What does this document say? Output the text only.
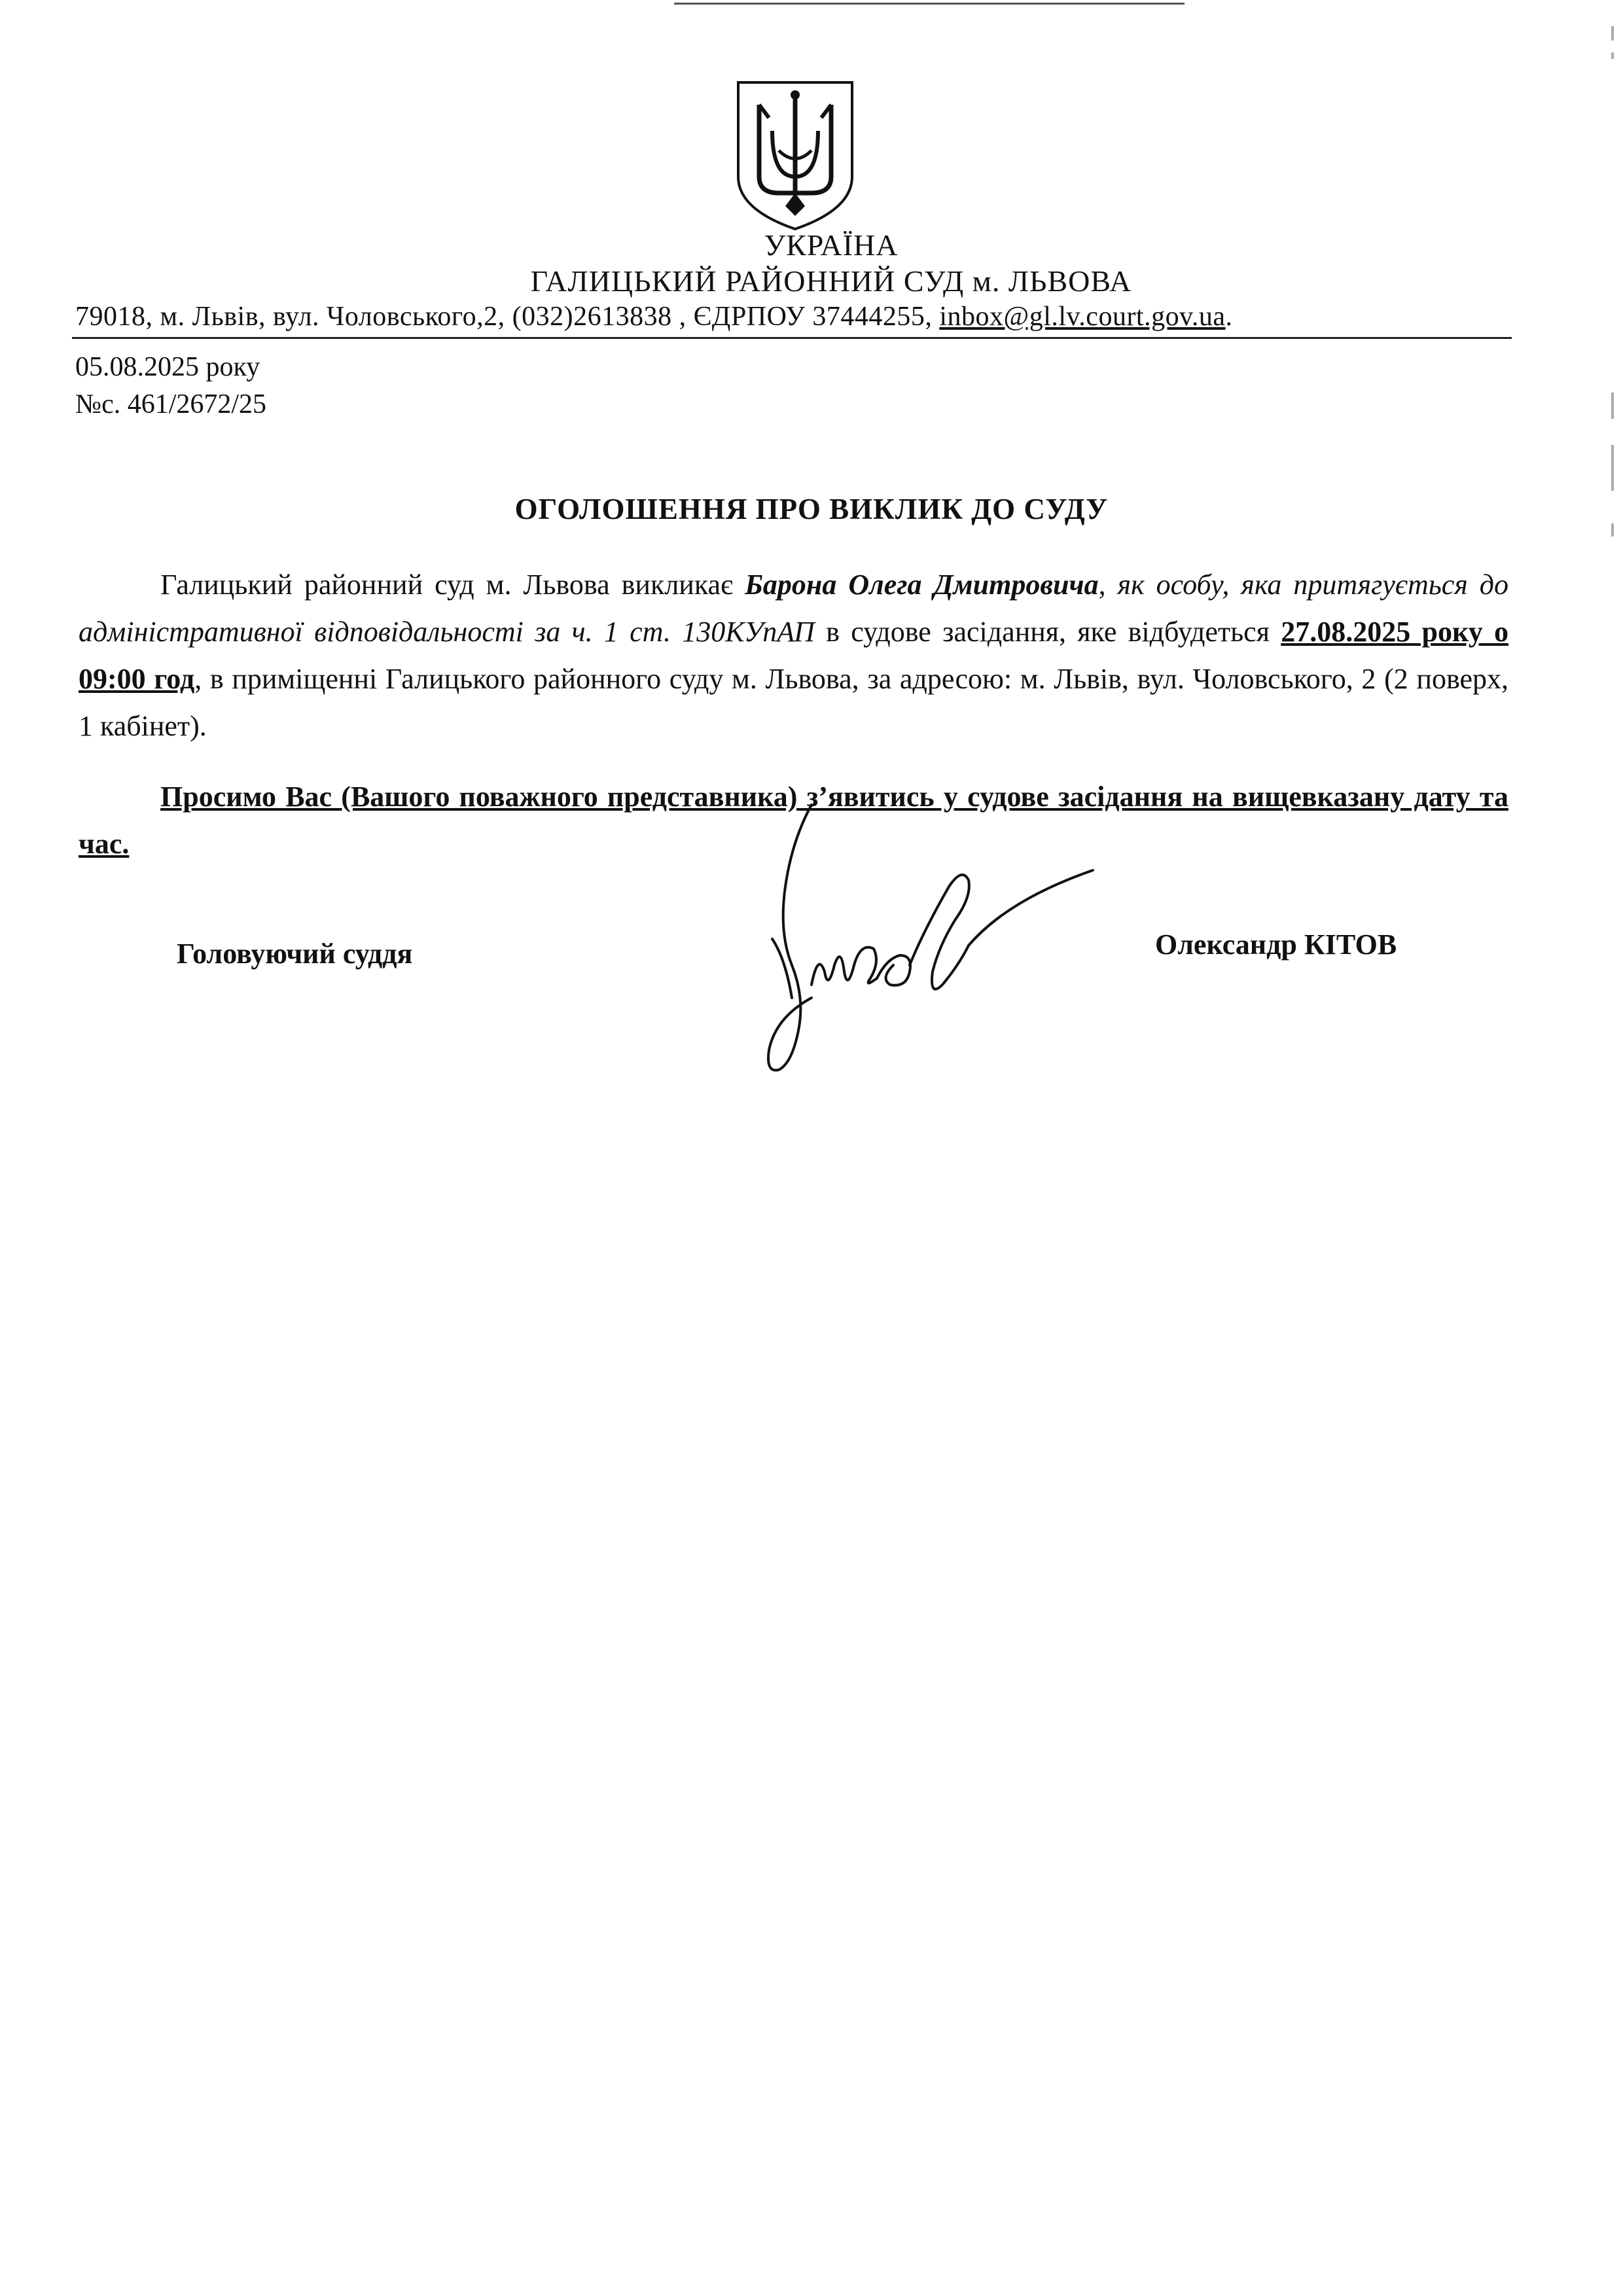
УКРАЇНА
ГАЛИЦЬКИЙ РАЙОННИЙ СУД м. ЛЬВОВА
79018, м. Львів, вул. Чоловського,2, (032)2613838 , ЄДРПОУ 37444255, inbox@gl.lv.court.gov.ua.
05.08.2025 року
№с. 461/2672/25
ОГОЛОШЕННЯ ПРО ВИКЛИК ДО СУДУ

Галицький районний суд м. Львова викликає Барона Олега Дмитровича, як особу, яка притягується до адміністративної відповідальності за ч. 1 ст. 130КУпАП в судове засідання, яке відбудеться 27.08.2025 року о 09:00 год, в приміщенні Галицького районного суду м. Львова, за адресою: м. Львів, вул. Чоловського, 2 (2 поверх, 1 кабінет).

Просимо Вас (Вашого поважного представника) з’явитись у судове засідання на вищевказану дату та час.

Головуючий суддя	Олександр КІТОВ
